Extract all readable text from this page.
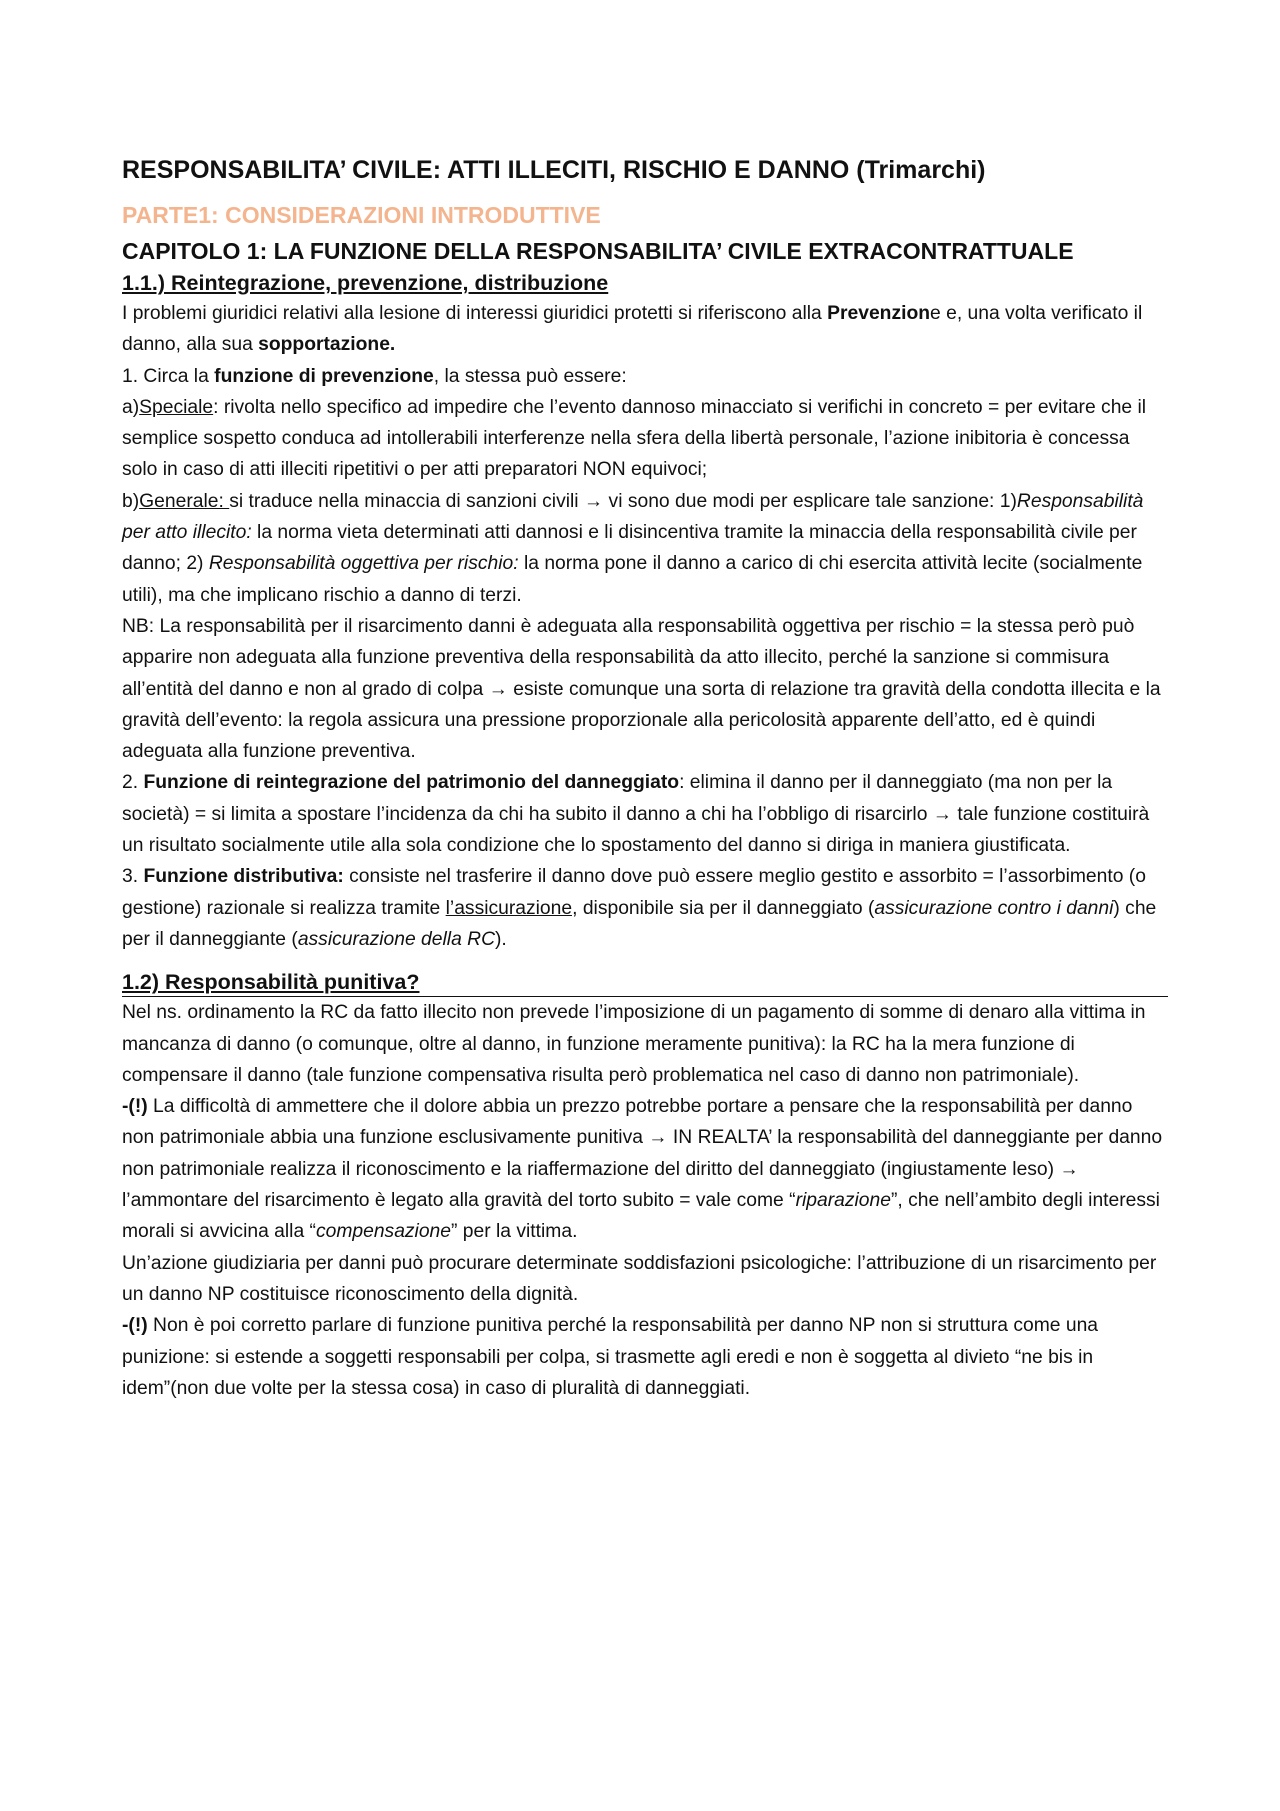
RESPONSABILITA’ CIVILE: ATTI ILLECITI, RISCHIO E DANNO (Trimarchi)
PARTE1: CONSIDERAZIONI INTRODUTTIVE
CAPITOLO 1: LA FUNZIONE DELLA RESPONSABILITA’ CIVILE EXTRACONTRATTUALE
1.1.) Reintegrazione, prevenzione, distribuzione

I problemi giuridici relativi alla lesione di interessi giuridici protetti si riferiscono alla Prevenzione e, una volta verificato il danno, alla sua sopportazione.

1. Circa la funzione di prevenzione, la stessa può essere:

a)Speciale: rivolta nello specifico ad impedire che l’evento dannoso minacciato si verifichi in concreto = per evitare che il semplice sospetto conduca ad intollerabili interferenze nella sfera della libertà personale, l’azione inibitoria è concessa solo in caso di atti illeciti ripetitivi o per atti preparatori NON equivoci;

b)Generale: si traduce nella minaccia di sanzioni civili → vi sono due modi per esplicare tale sanzione: 1)Responsabilità per atto illecito: la norma vieta determinati atti dannosi e li disincentiva tramite la minaccia della responsabilità civile per danno; 2) Responsabilità oggettiva per rischio: la norma pone il danno a carico di chi esercita attività lecite (socialmente utili), ma che implicano rischio a danno di terzi.

NB: La responsabilità per il risarcimento danni è adeguata alla responsabilità oggettiva per rischio = la stessa però può apparire non adeguata alla funzione preventiva della responsabilità da atto illecito, perché la sanzione si commisura all’entità del danno e non al grado di colpa → esiste comunque una sorta di relazione tra gravità della condotta illecita e la gravità dell’evento: la regola assicura una pressione proporzionale alla pericolosità apparente dell’atto, ed è quindi adeguata alla funzione preventiva.

2. Funzione di reintegrazione del patrimonio del danneggiato: elimina il danno per il danneggiato (ma non per la società) = si limita a spostare l’incidenza da chi ha subito il danno a chi ha l’obbligo di risarcirlo → tale funzione costituirà un risultato socialmente utile alla sola condizione che lo spostamento del danno si diriga in maniera giustificata.

3. Funzione distributiva: consiste nel trasferire il danno dove può essere meglio gestito e assorbito = l’assorbimento (o gestione) razionale si realizza tramite l’assicurazione, disponibile sia per il danneggiato (assicurazione contro i danni) che per il danneggiante (assicurazione della RC).

1.2) Responsabilità punitiva?

Nel ns. ordinamento la RC da fatto illecito non prevede l’imposizione di un pagamento di somme di denaro alla vittima in mancanza di danno (o comunque, oltre al danno, in funzione meramente punitiva): la RC ha la mera funzione di compensare il danno (tale funzione compensativa risulta però problematica nel caso di danno non patrimoniale).

-(!) La difficoltà di ammettere che il dolore abbia un prezzo potrebbe portare a pensare che la responsabilità per danno non patrimoniale abbia una funzione esclusivamente punitiva → IN REALTA’ la responsabilità del danneggiante per danno non patrimoniale realizza il riconoscimento e la riaffermazione del diritto del danneggiato (ingiustamente leso) → l’ammontare del risarcimento è legato alla gravità del torto subito = vale come “riparazione”, che nell’ambito degli interessi morali si avvicina alla “compensazione” per la vittima.

Un’azione giudiziaria per danni può procurare determinate soddisfazioni psicologiche: l’attribuzione di un risarcimento per un danno NP costituisce riconoscimento della dignità.

-(!) Non è poi corretto parlare di funzione punitiva perché la responsabilità per danno NP non si struttura come una punizione: si estende a soggetti responsabili per colpa, si trasmette agli eredi e non è soggetta al divieto “ne bis in idem”(non due volte per la stessa cosa) in caso di pluralità di danneggiati.
